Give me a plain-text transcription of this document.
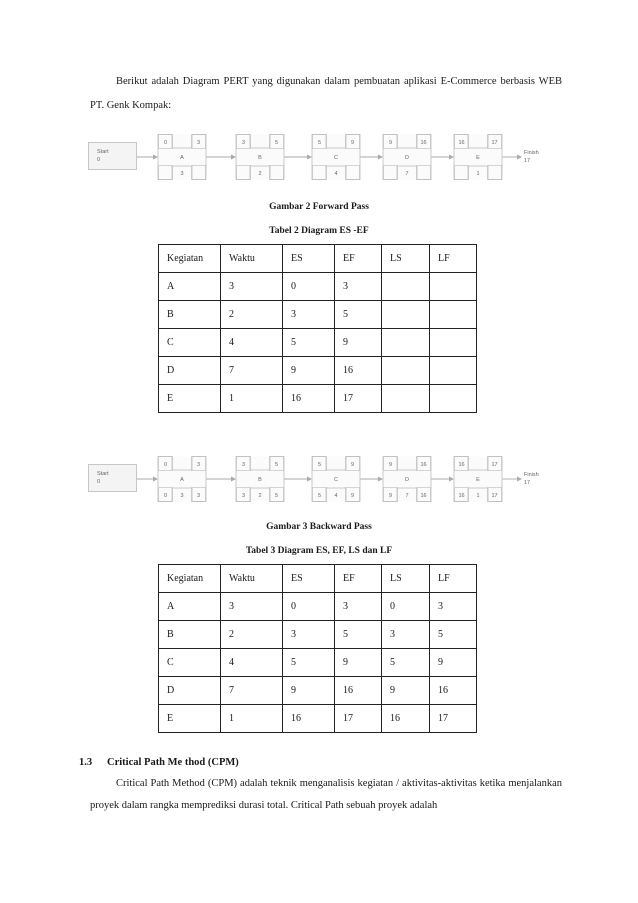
Berikut adalah Diagram PERT yang digunakan dalam pembuatan aplikasi E-Commerce berbasis WEB PT. Genk Kompak:
Start
0
0	3
A
3
3	5
B
2
5	9
C
4
9	16
D
7
16	17
E
1
Finish
17
Gambar 2 Forward Pass
Tabel 2 Diagram ES -EF
Kegiatan	Waktu	ES	EF	LS	LF
A	3	0	3		
B	2	3	5		
C	4	5	9		
D	7	9	16		
E	1	16	17		
Start
0
0	3
A
3
0	3
3	5
B
2
3	5
5	9
C
4
5	9
9	16
D
7
9	16
16	17
E
1
16	17
Finish
17
Gambar 3 Backward Pass
Tabel 3 Diagram ES, EF, LS dan LF
Kegiatan	Waktu	ES	EF	LS	LF
A	3	0	3	0	3
B	2	3	5	3	5
C	4	5	9	5	9
D	7	9	16	9	16
E	1	16	17	16	17
1.3 Critical Path Me thod (CPM)
Critical Path Method (CPM) adalah teknik menganalisis kegiatan / aktivitas-aktivitas ketika menjalankan proyek dalam rangka memprediksi durasi total. Critical Path sebuah proyek adalah
